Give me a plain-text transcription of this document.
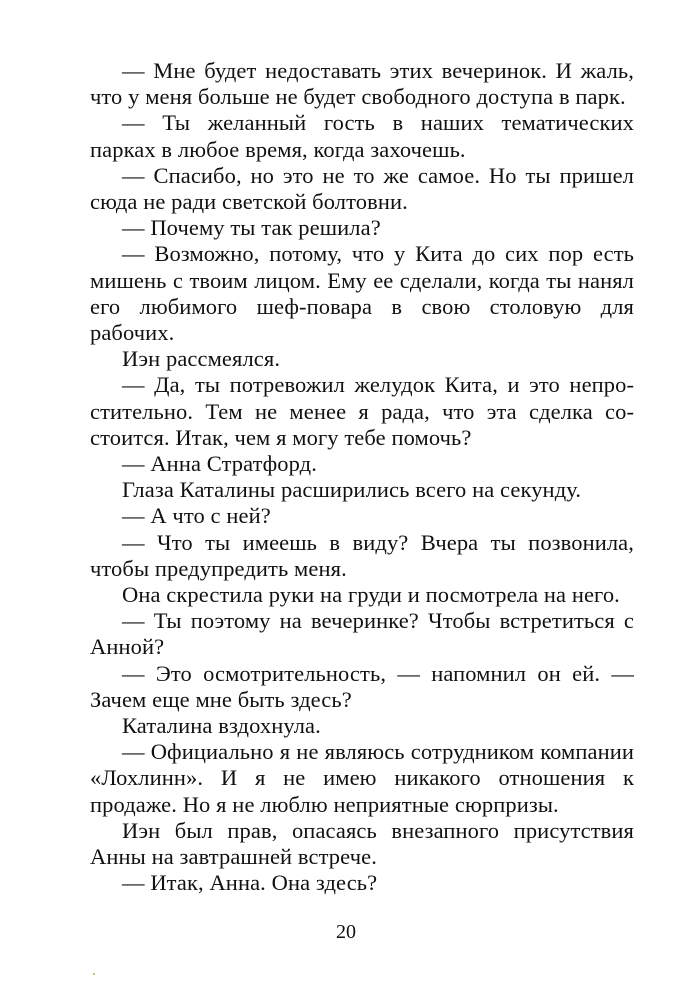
— Мне будет недоставать этих вечеринок. И жаль, что у меня больше не будет свободного доступа в парк.

— Ты желанный гость в наших тематических парках в любое время, когда захочешь.

— Спасибо, но это не то же самое. Но ты пришел сюда не ради светской болтовни.

— Почему ты так решила?

— Возможно, потому, что у Кита до сих пор есть мишень с твоим лицом. Ему ее сделали, когда ты нанял его любимого шеф-повара в свою столовую для рабочих.

Иэн рассмеялся.

— Да, ты потревожил желудок Кита, и это непростительно. Тем не менее я рада, что эта сделка состоится. Итак, чем я могу тебе помочь?

— Анна Стратфорд.

Глаза Каталины расширились всего на секунду.

— А что с ней?

— Что ты имеешь в виду? Вчера ты позвонила, чтобы предупредить меня.

Она скрестила руки на груди и посмотрела на него.

— Ты поэтому на вечеринке? Чтобы встретиться с Анной?

— Это осмотрительность, — напомнил он ей. — Зачем еще мне быть здесь?

Каталина вздохнула.

— Официально я не являюсь сотрудником компании «Лохлинн». И я не имею никакого отношения к продаже. Но я не люблю неприятные сюрпризы.

Иэн был прав, опасаясь внезапного присутствия Анны на завтрашней встрече.

— Итак, Анна. Она здесь?

20
